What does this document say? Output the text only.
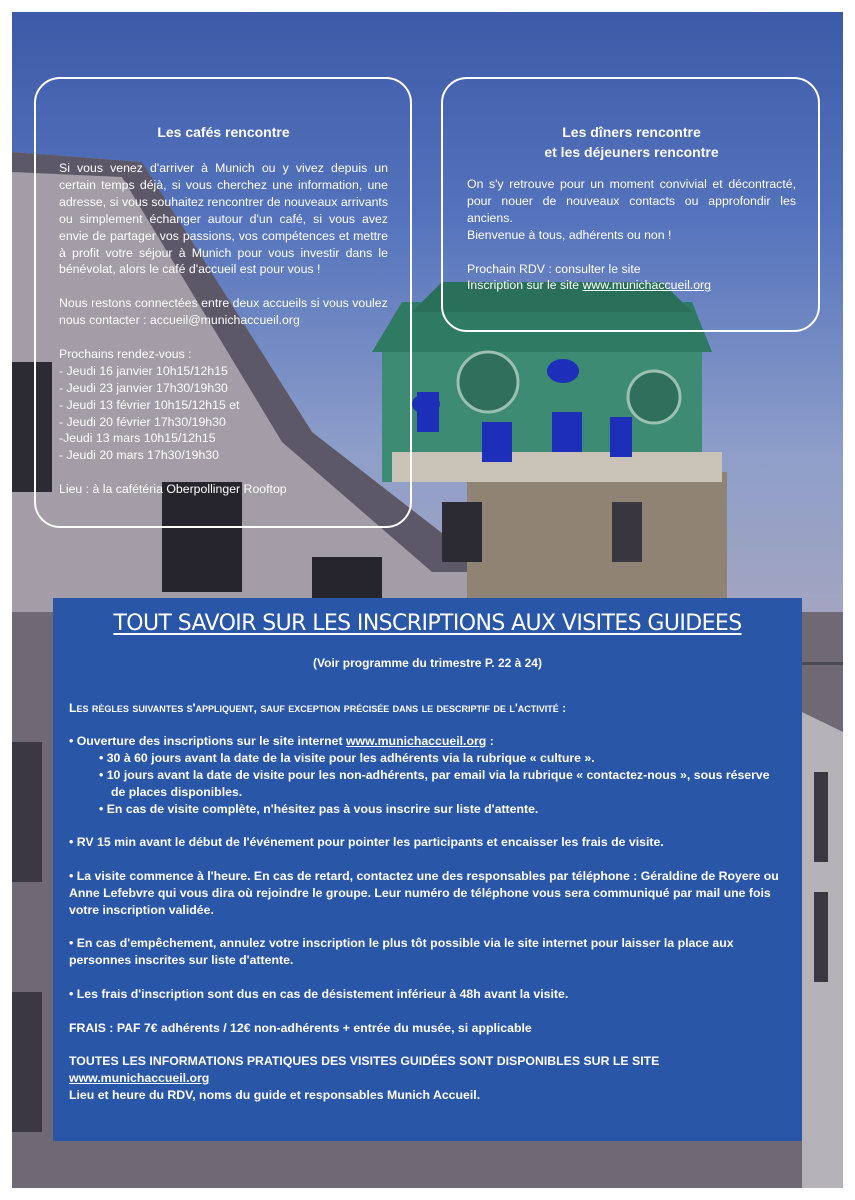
Les cafés rencontre

Si vous venez d'arriver à Munich ou y vivez depuis un certain temps déjà, si vous cherchez une information, une adresse, si vous souhaitez rencontrer de nouveaux arrivants ou simplement échanger autour d'un café, si vous avez envie de partager vos passions, vos compétences et mettre à profit votre séjour à Munich pour vous investir dans le bénévolat, alors le café d'accueil est pour vous !

Nous restons connectées entre deux accueils si vous voulez nous contacter : accueil@munichaccueil.org

Prochains rendez-vous :

- Jeudi 16 janvier 10h15/12h15

- Jeudi 23 janvier 17h30/19h30

- Jeudi 13 février 10h15/12h15 et

- Jeudi 20 février 17h30/19h30

-Jeudi 13 mars 10h15/12h15

- Jeudi 20 mars 17h30/19h30

Lieu : à la cafétéria Oberpollinger Rooftop

Les dîners rencontre
et les déjeuners rencontre

On s'y retrouve pour un moment convivial et décontracté, pour nouer de nouveaux contacts ou approfondir les anciens.

Bienvenue à tous, adhérents ou non !

Prochain RDV : consulter le site

Inscription sur le site www.munichaccueil.org

TOUT SAVOIR SUR LES INSCRIPTIONS AUX VISITES GUIDEES
(Voir programme du trimestre P. 22 à 24)

Les règles suivantes s'appliquent, sauf exception précisée dans le descriptif de l'activité :

• Ouverture des inscriptions sur le site internet www.munichaccueil.org :

• 30 à 60 jours avant la date de la visite pour les adhérents via la rubrique « culture ».

• 10 jours avant la date de visite pour les non-adhérents, par email via la rubrique « contactez-nous », sous réserve de places disponibles.

• En cas de visite complète, n'hésitez pas à vous inscrire sur liste d'attente.

• RV 15 min avant le début de l'événement pour pointer les participants et encaisser les frais de visite.

• La visite commence à l'heure. En cas de retard, contactez une des responsables par téléphone : Géraldine de Royere ou Anne Lefebvre qui vous dira où rejoindre le groupe. Leur numéro de téléphone vous sera communiqué par mail une fois votre inscription validée.

• En cas d'empêchement, annulez votre inscription le plus tôt possible via le site internet pour laisser la place aux personnes inscrites sur liste d'attente.

• Les frais d'inscription sont dus en cas de désistement inférieur à 48h avant la visite.

FRAIS : PAF 7€ adhérents / 12€ non-adhérents + entrée du musée, si applicable

TOUTES LES INFORMATIONS PRATIQUES DES VISITES GUIDÉES SONT DISPONIBLES SUR LE SITE www.munichaccueil.org

Lieu et heure du RDV, noms du guide et responsables Munich Accueil.
